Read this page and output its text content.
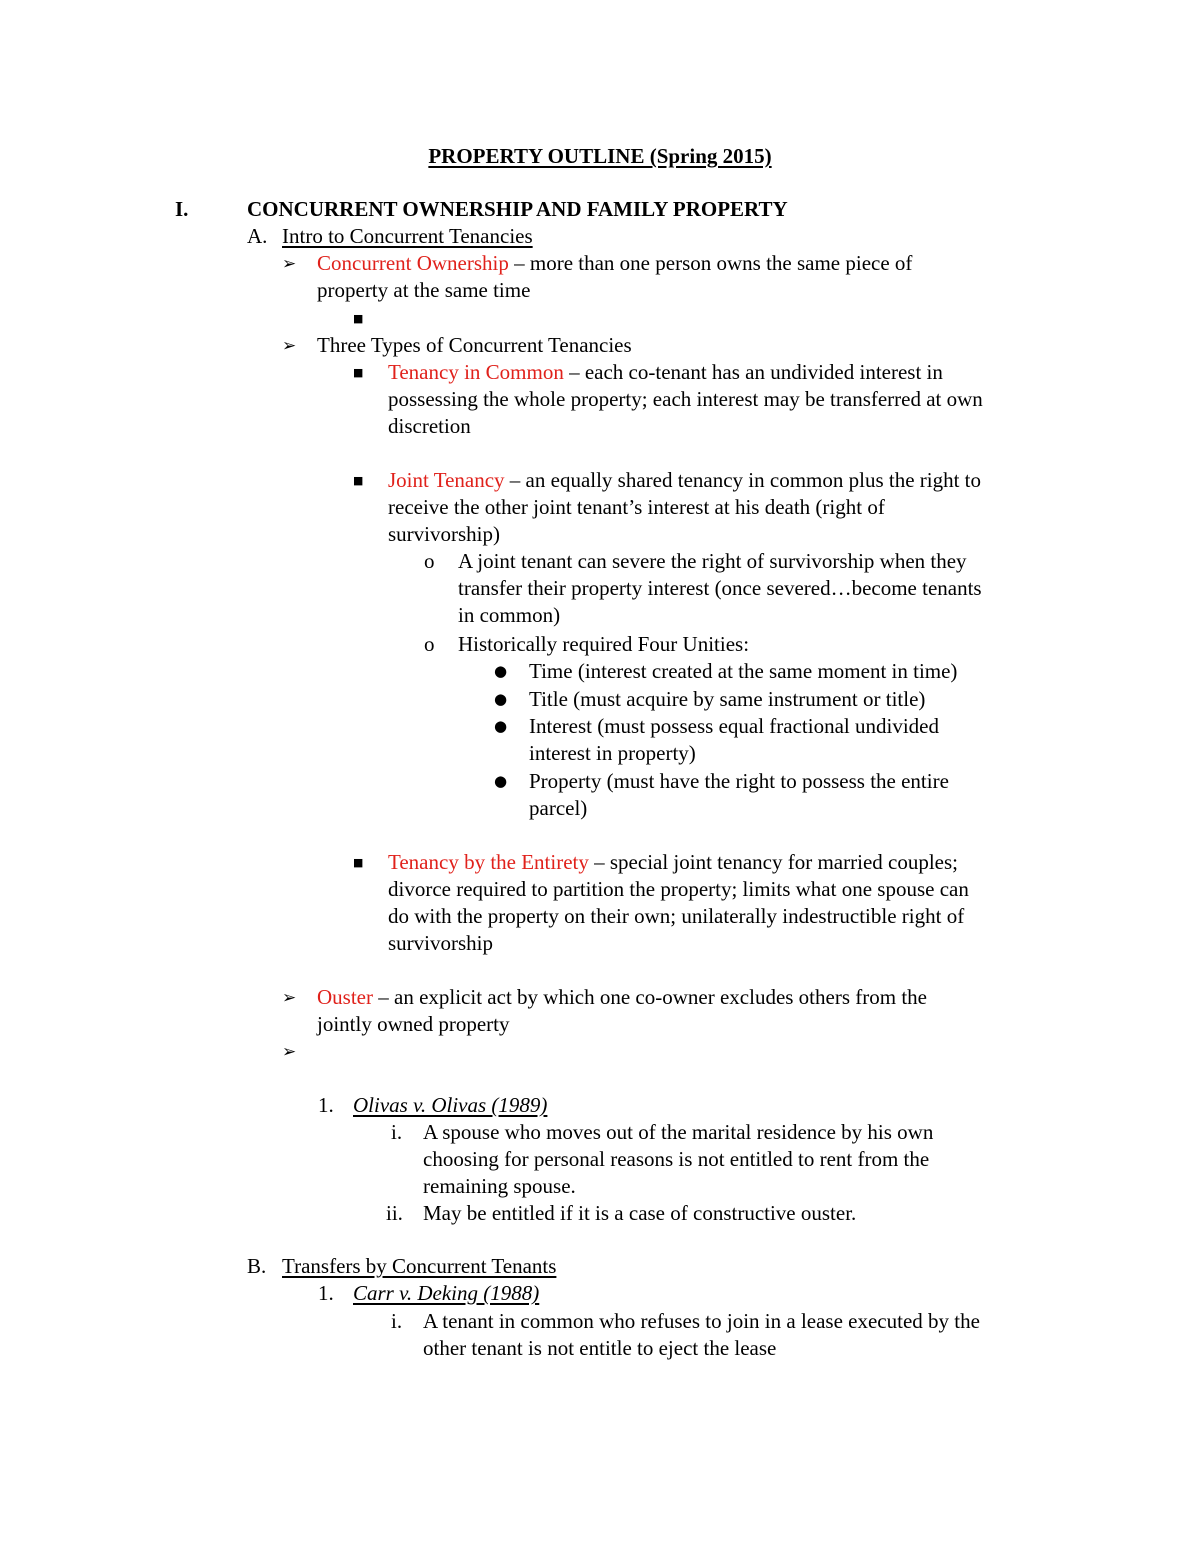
PROPERTY OUTLINE (Spring 2015)
I.	CONCURRENT OWNERSHIP AND FAMILY PROPERTY
A. Intro to Concurrent Tenancies
➢ Concurrent Ownership – more than one person owns the same piece of
property at the same time
■
➢ Three Types of Concurrent Tenancies
■ Tenancy in Common – each co-tenant has an undivided interest in
possessing the whole property; each interest may be transferred at own
discretion
■ Joint Tenancy – an equally shared tenancy in common plus the right to
receive the other joint tenant’s interest at his death (right of
survivorship)
o A joint tenant can severe the right of survivorship when they
transfer their property interest (once severed…become tenants
in common)
o Historically required Four Unities:
● Time (interest created at the same moment in time)
● Title (must acquire by same instrument or title)
● Interest (must possess equal fractional undivided
interest in property)
● Property (must have the right to possess the entire
parcel)
■ Tenancy by the Entirety – special joint tenancy for married couples;
divorce required to partition the property; limits what one spouse can
do with the property on their own; unilaterally indestructible right of
survivorship
➢ Ouster – an explicit act by which one co-owner excludes others from the
jointly owned property
➢
1. Olivas v. Olivas (1989)
i. A spouse who moves out of the marital residence by his own
choosing for personal reasons is not entitled to rent from the
remaining spouse.
ii. May be entitled if it is a case of constructive ouster.
B. Transfers by Concurrent Tenants
1. Carr v. Deking (1988)
i. A tenant in common who refuses to join in a lease executed by the
other tenant is not entitle to eject the lease
